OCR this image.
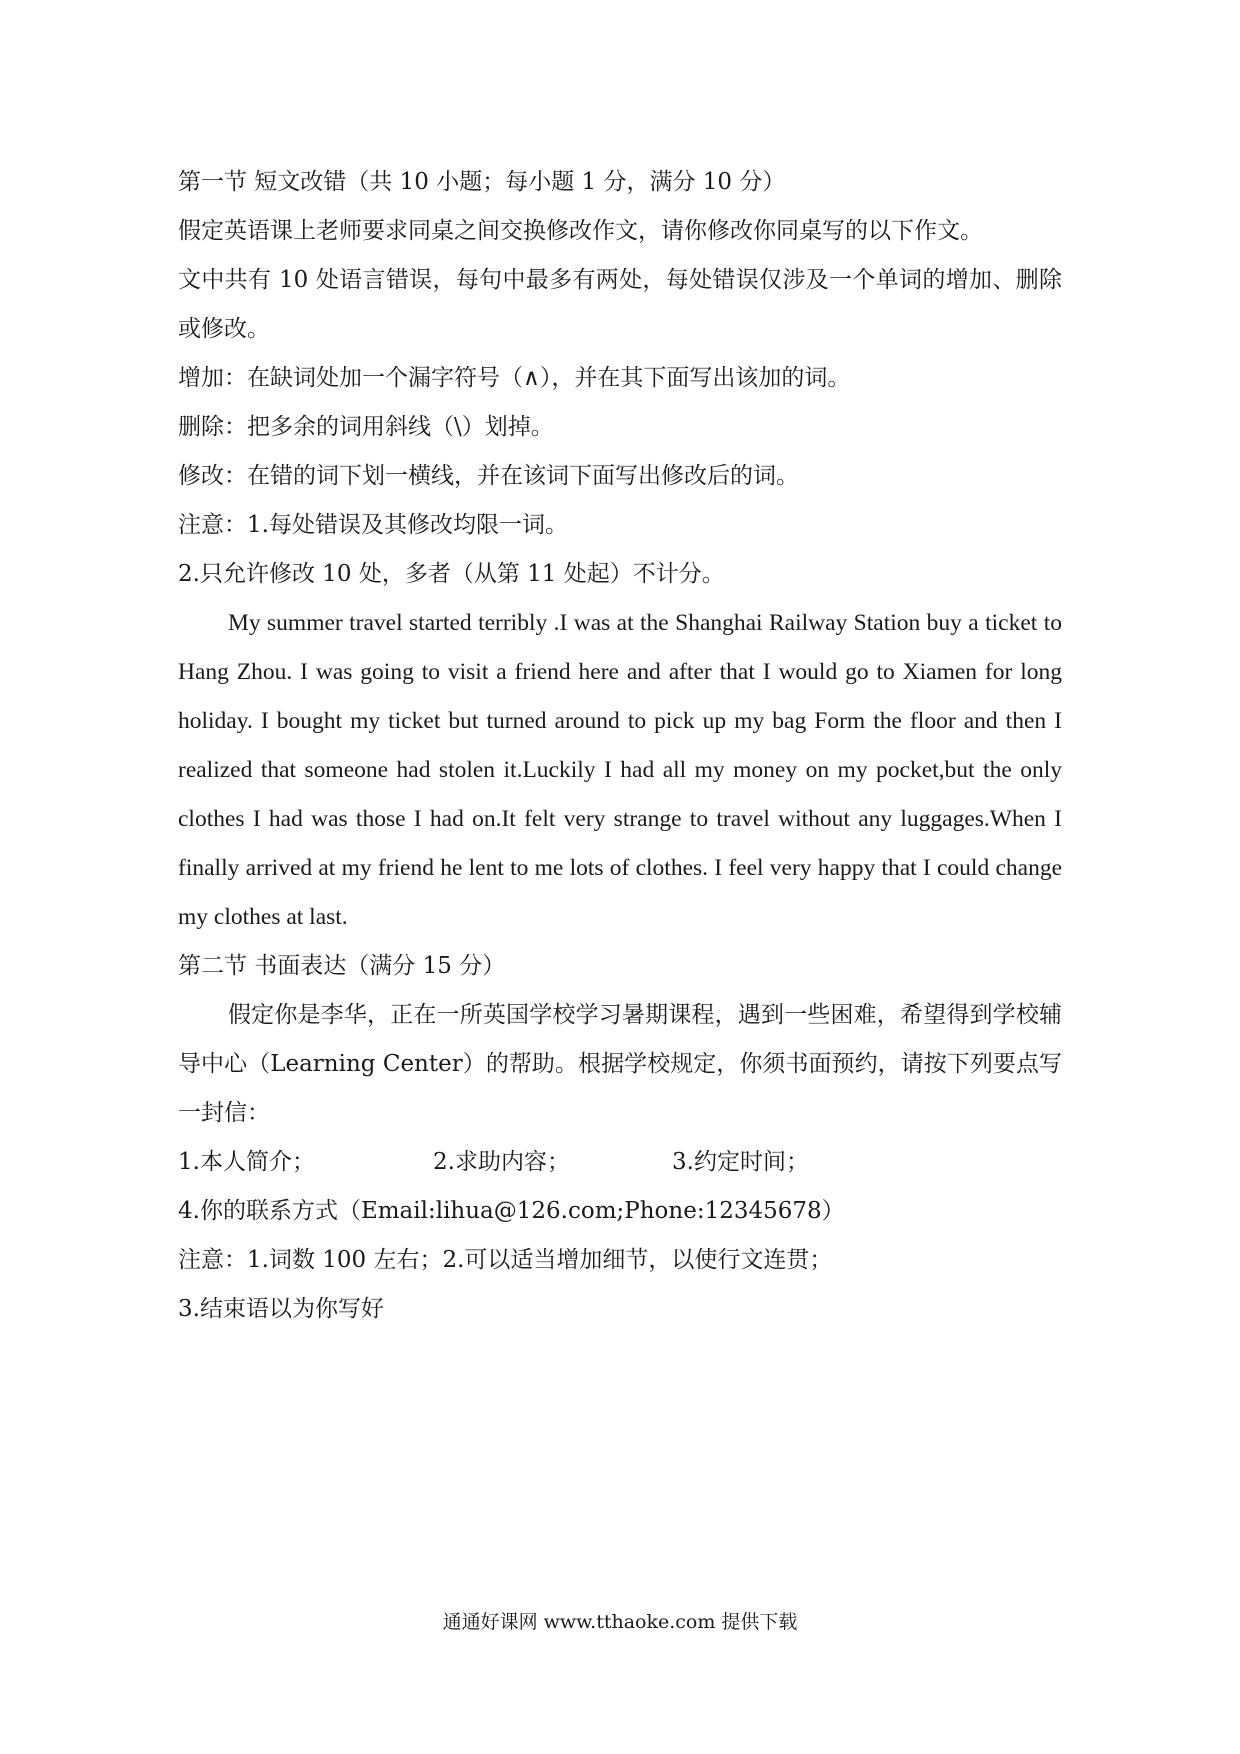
第一节 短文改错（共 10 小题；每小题 1 分，满分 10 分）
假定英语课上老师要求同桌之间交换修改作文，请你修改你同桌写的以下作文。

文中共有 10 处语言错误，每句中最多有两处，每处错误仅涉及一个单词的增加、删除或修改。

增加：在缺词处加一个漏字符号（∧），并在其下面写出该加的词。
删除：把多余的词用斜线（\）划掉。
修改：在错的词下划一横线，并在该词下面写出修改后的词。
注意：1.每处错误及其修改均限一词。
2.只允许修改 10 处，多者（从第 11 处起）不计分。

My summer travel started terribly .I was at the Shanghai Railway Station buy a ticket to Hang Zhou. I was going to visit a friend here and after that I would go to Xiamen for long holiday. I bought my ticket but turned around to pick up my bag Form the floor and then I realized that someone had stolen it.Luckily I had all my money on my pocket,but the only clothes I had was those I had on.It felt very strange to travel without any luggages.When I finally arrived at my friend he lent to me lots of clothes. I feel very happy that I could change my clothes at last.

第二节 书面表达（满分 15 分）

假定你是李华，正在一所英国学校学习暑期课程，遇到一些困难，希望得到学校辅导中心（Learning Center）的帮助。根据学校规定，你须书面预约，请按下列要点写一封信：

1.本人简介；	2.求助内容；	3.约定时间；
4.你的联系方式（Email:lihua@126.com;Phone:12345678）
注意：1.词数 100 左右；2.可以适当增加细节，以使行文连贯；
3.结束语以为你写好
通通好课网 www.tthaoke.com 提供下载
